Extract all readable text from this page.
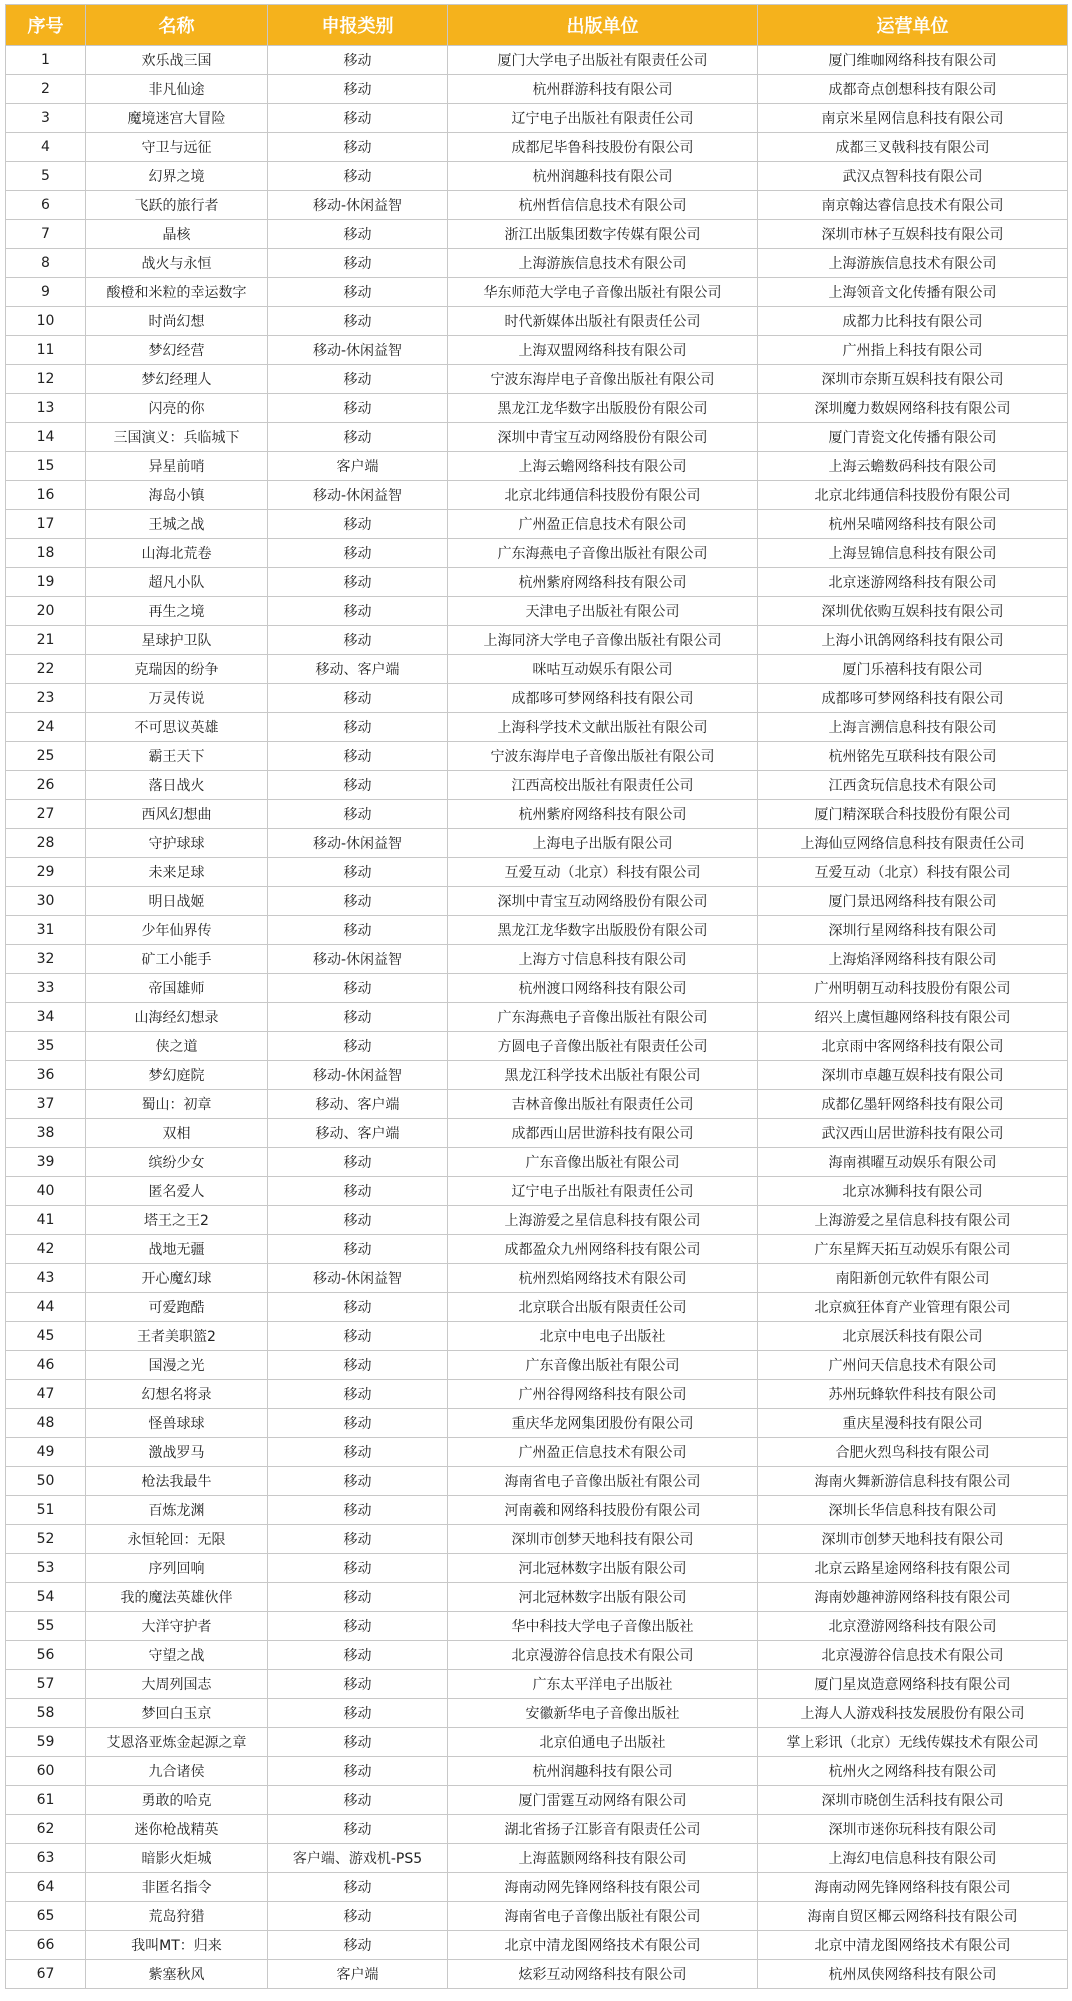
序号	名称	申报类别	出版单位	运营单位
1	欢乐战三国	移动	厦门大学电子出版社有限责任公司	厦门维咖网络科技有限公司
2	非凡仙途	移动	杭州群游科技有限公司	成都奇点创想科技有限公司
3	魔境迷宫大冒险	移动	辽宁电子出版社有限责任公司	南京米星网信息科技有限公司
4	守卫与远征	移动	成都尼毕鲁科技股份有限公司	成都三叉戟科技有限公司
5	幻界之境	移动	杭州润趣科技有限公司	武汉点智科技有限公司
6	飞跃的旅行者	移动-休闲益智	杭州哲信信息技术有限公司	南京翰达睿信息技术有限公司
7	晶核	移动	浙江出版集团数字传媒有限公司	深圳市林子互娱科技有限公司
8	战火与永恒	移动	上海游族信息技术有限公司	上海游族信息技术有限公司
9	酸橙和米粒的幸运数字	移动	华东师范大学电子音像出版社有限公司	上海领音文化传播有限公司
10	时尚幻想	移动	时代新媒体出版社有限责任公司	成都力比科技有限公司
11	梦幻经营	移动-休闲益智	上海双盟网络科技有限公司	广州指上科技有限公司
12	梦幻经理人	移动	宁波东海岸电子音像出版社有限公司	深圳市奈斯互娱科技有限公司
13	闪亮的你	移动	黑龙江龙华数字出版股份有限公司	深圳魔力数娱网络科技有限公司
14	三国演义：兵临城下	移动	深圳中青宝互动网络股份有限公司	厦门青瓷文化传播有限公司
15	异星前哨	客户端	上海云蟾网络科技有限公司	上海云蟾数码科技有限公司
16	海岛小镇	移动-休闲益智	北京北纬通信科技股份有限公司	北京北纬通信科技股份有限公司
17	王城之战	移动	广州盈正信息技术有限公司	杭州呆喵网络科技有限公司
18	山海北荒卷	移动	广东海燕电子音像出版社有限公司	上海昱锦信息科技有限公司
19	超凡小队	移动	杭州紫府网络科技有限公司	北京迷游网络科技有限公司
20	再生之境	移动	天津电子出版社有限公司	深圳优依购互娱科技有限公司
21	星球护卫队	移动	上海同济大学电子音像出版社有限公司	上海小讯鸽网络科技有限公司
22	克瑞因的纷争	移动、客户端	咪咕互动娱乐有限公司	厦门乐禧科技有限公司
23	万灵传说	移动	成都哆可梦网络科技有限公司	成都哆可梦网络科技有限公司
24	不可思议英雄	移动	上海科学技术文献出版社有限公司	上海言溯信息科技有限公司
25	霸王天下	移动	宁波东海岸电子音像出版社有限公司	杭州铭先互联科技有限公司
26	落日战火	移动	江西高校出版社有限责任公司	江西贪玩信息技术有限公司
27	西风幻想曲	移动	杭州紫府网络科技有限公司	厦门精深联合科技股份有限公司
28	守护球球	移动-休闲益智	上海电子出版有限公司	上海仙豆网络信息科技有限责任公司
29	未来足球	移动	互爱互动（北京）科技有限公司	互爱互动（北京）科技有限公司
30	明日战姬	移动	深圳中青宝互动网络股份有限公司	厦门景迅网络科技有限公司
31	少年仙界传	移动	黑龙江龙华数字出版股份有限公司	深圳行星网络科技有限公司
32	矿工小能手	移动-休闲益智	上海方寸信息科技有限公司	上海焰泽网络科技有限公司
33	帝国雄师	移动	杭州渡口网络科技有限公司	广州明朝互动科技股份有限公司
34	山海经幻想录	移动	广东海燕电子音像出版社有限公司	绍兴上虞恒趣网络科技有限公司
35	侠之道	移动	方圆电子音像出版社有限责任公司	北京雨中客网络科技有限公司
36	梦幻庭院	移动-休闲益智	黑龙江科学技术出版社有限公司	深圳市卓趣互娱科技有限公司
37	蜀山：初章	移动、客户端	吉林音像出版社有限责任公司	成都亿墨轩网络科技有限公司
38	双相	移动、客户端	成都西山居世游科技有限公司	武汉西山居世游科技有限公司
39	缤纷少女	移动	广东音像出版社有限公司	海南祺曜互动娱乐有限公司
40	匿名爱人	移动	辽宁电子出版社有限责任公司	北京冰狮科技有限公司
41	塔王之王2	移动	上海游爱之星信息科技有限公司	上海游爱之星信息科技有限公司
42	战地无疆	移动	成都盈众九州网络科技有限公司	广东星辉天拓互动娱乐有限公司
43	开心魔幻球	移动-休闲益智	杭州烈焰网络技术有限公司	南阳新创元软件有限公司
44	可爱跑酷	移动	北京联合出版有限责任公司	北京疯狂体育产业管理有限公司
45	王者美职篮2	移动	北京中电电子出版社	北京展沃科技有限公司
46	国漫之光	移动	广东音像出版社有限公司	广州问天信息技术有限公司
47	幻想名将录	移动	广州谷得网络科技有限公司	苏州玩蜂软件科技有限公司
48	怪兽球球	移动	重庆华龙网集团股份有限公司	重庆星漫科技有限公司
49	激战罗马	移动	广州盈正信息技术有限公司	合肥火烈鸟科技有限公司
50	枪法我最牛	移动	海南省电子音像出版社有限公司	海南火舞新游信息科技有限公司
51	百炼龙渊	移动	河南羲和网络科技股份有限公司	深圳长华信息科技有限公司
52	永恒轮回：无限	移动	深圳市创梦天地科技有限公司	深圳市创梦天地科技有限公司
53	序列回响	移动	河北冠林数字出版有限公司	北京云路星途网络科技有限公司
54	我的魔法英雄伙伴	移动	河北冠林数字出版有限公司	海南妙趣神游网络科技有限公司
55	大洋守护者	移动	华中科技大学电子音像出版社	北京澄游网络科技有限公司
56	守望之战	移动	北京漫游谷信息技术有限公司	北京漫游谷信息技术有限公司
57	大周列国志	移动	广东太平洋电子出版社	厦门星岚造意网络科技有限公司
58	梦回白玉京	移动	安徽新华电子音像出版社	上海人人游戏科技发展股份有限公司
59	艾恩洛亚炼金起源之章	移动	北京伯通电子出版社	掌上彩讯（北京）无线传媒技术有限公司
60	九合诸侯	移动	杭州润趣科技有限公司	杭州火之网络科技有限公司
61	勇敢的哈克	移动	厦门雷霆互动网络有限公司	深圳市晓创生活科技有限公司
62	迷你枪战精英	移动	湖北省扬子江影音有限责任公司	深圳市迷你玩科技有限公司
63	暗影火炬城	客户端、游戏机-PS5	上海蓝颢网络科技有限公司	上海幻电信息科技有限公司
64	非匿名指令	移动	海南动网先锋网络科技有限公司	海南动网先锋网络科技有限公司
65	荒岛狩猎	移动	海南省电子音像出版社有限公司	海南自贸区椰云网络科技有限公司
66	我叫MT：归来	移动	北京中清龙图网络技术有限公司	北京中清龙图网络技术有限公司
67	紫塞秋风	客户端	炫彩互动网络科技有限公司	杭州凤侠网络科技有限公司
